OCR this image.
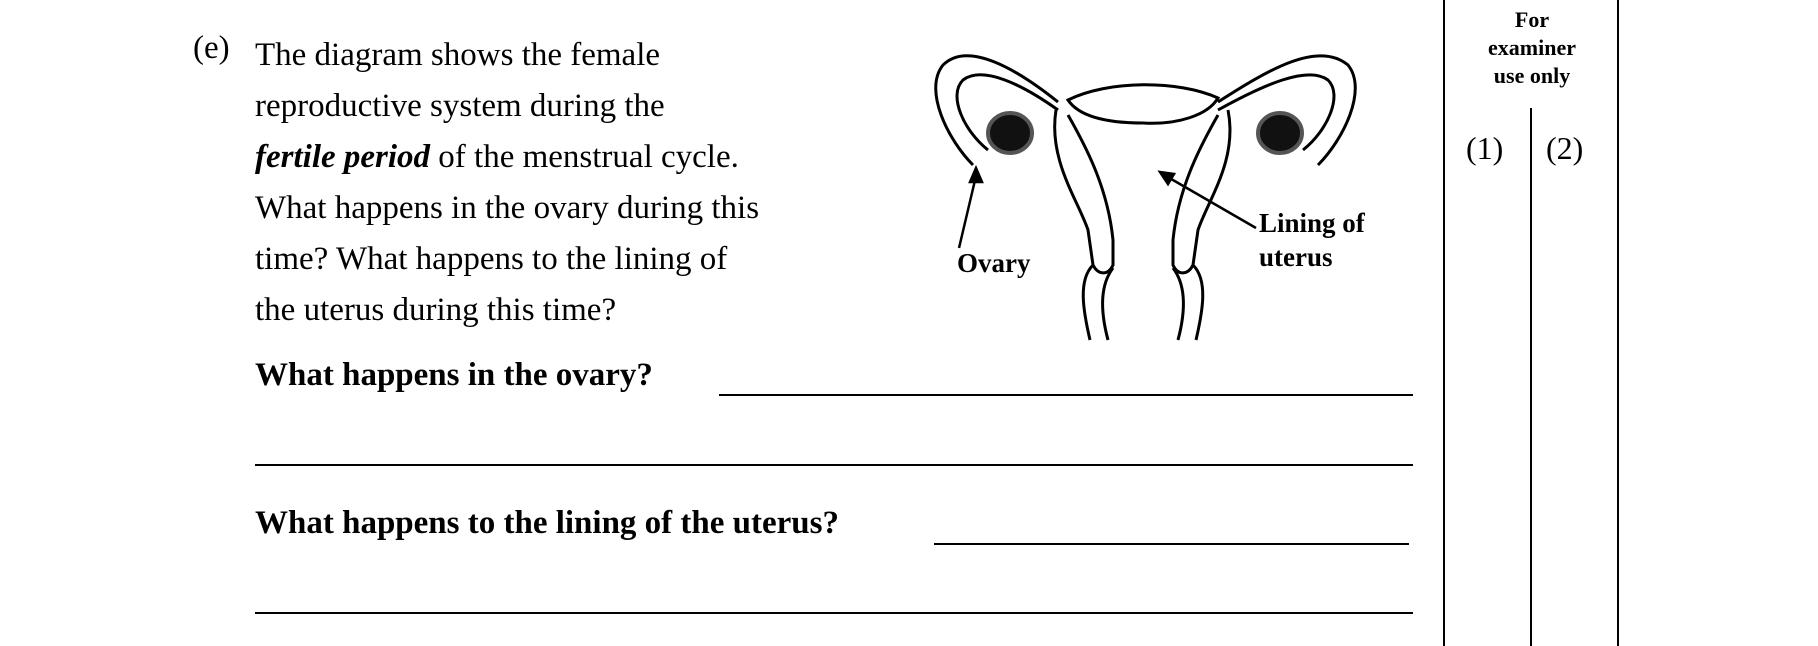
(e) The diagram shows the female
reproductive system during the
fertile period of the menstrual cycle.
What happens in the ovary during this
time? What happens to the lining of
the uterus during this time?
Ovary
Lining of
uterus
What happens in the ovary?
What happens to the lining of the uterus?
For
examiner
use only
(1) (2)
